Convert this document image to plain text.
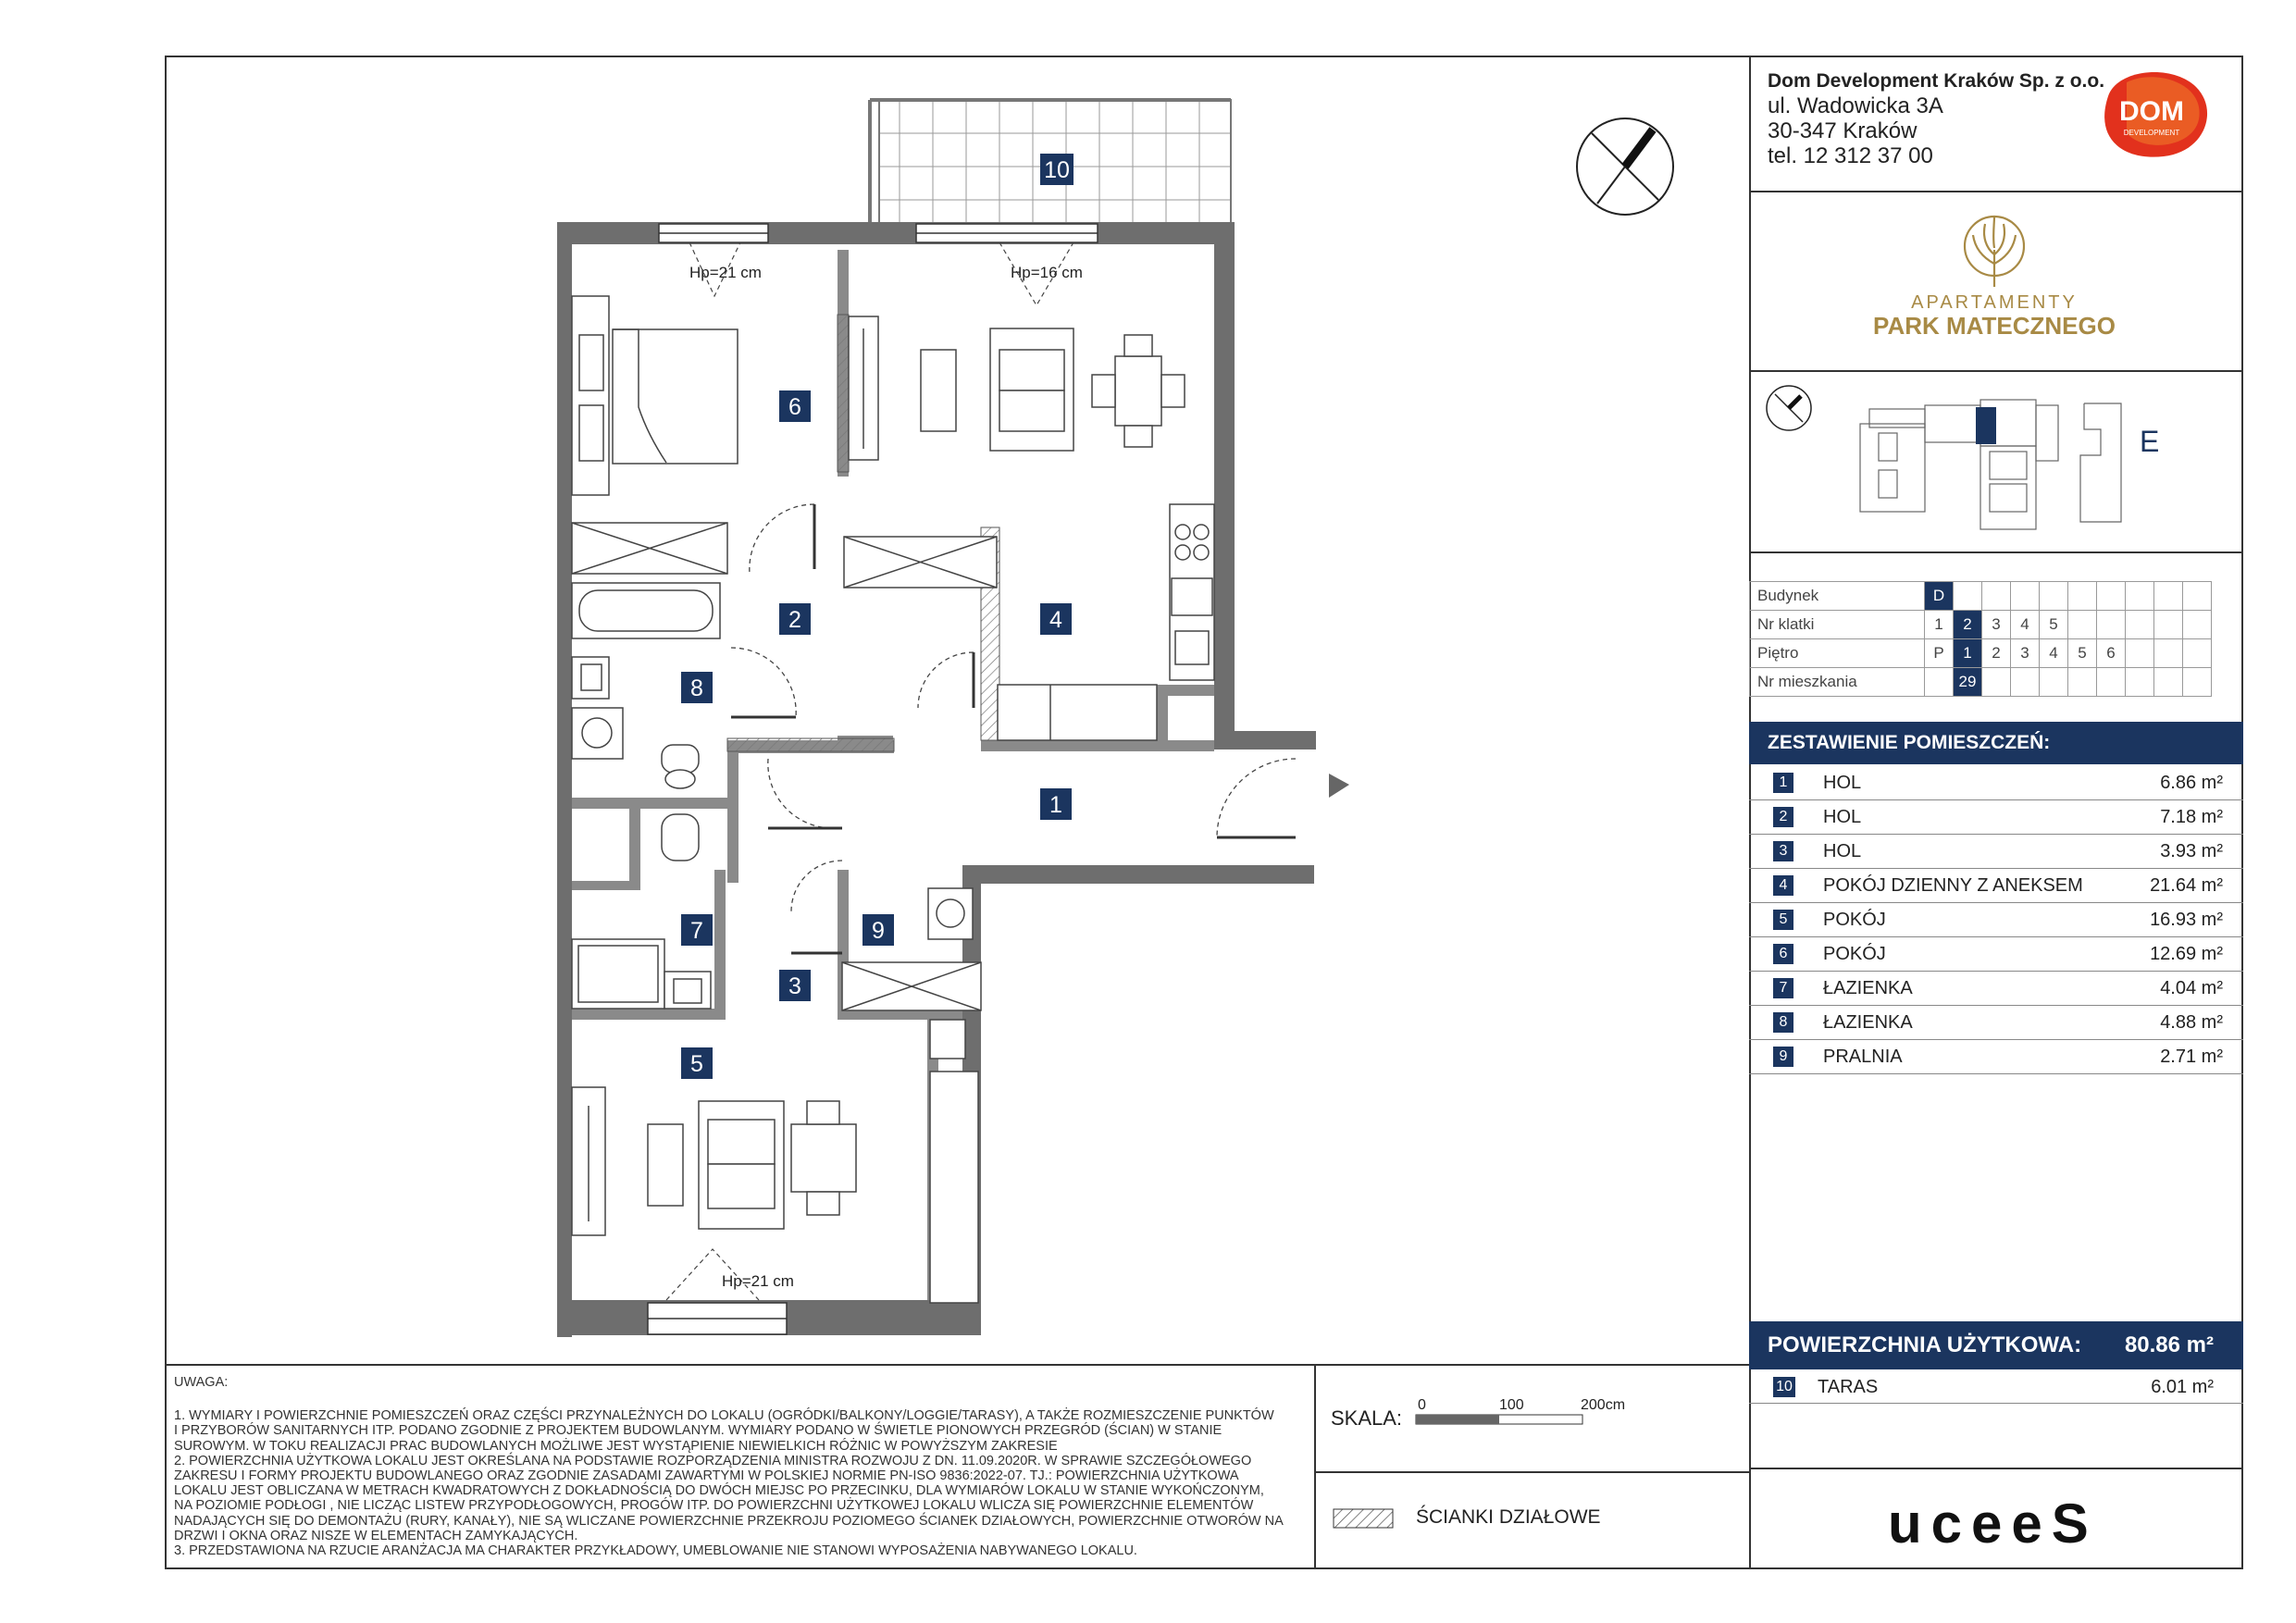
Dom Development Kraków Sp. z o.o.
ul. Wadowicka 3A
30-347 Kraków
tel. 12 312 37 00
DOM
DEVELOPMENT
APARTAMENTY
PARK MATECZNEGO
E
Budynek	D									
Nr klatki	1	2	3	4	5					
Piętro	P	1	2	3	4	5	6			
Nr mieszkania		29								
ZESTAWIENIE POMIESZCZEŃ:
1	HOL	6.86 m²
2	HOL	7.18 m²
3	HOL	3.93 m²
4	POKÓJ DZIENNY Z ANEKSEM	21.64 m²
5	POKÓJ	16.93 m²
6	POKÓJ	12.69 m²
7	ŁAZIENKA	4.04 m²
8	ŁAZIENKA	4.88 m²
9	PRALNIA	2.71 m²
POWIERZCHNIA UŻYTKOWA: 80.86 m²
10 TARAS	6.01 m²
uceeS
UWAGA:
1. WYMIARY I POWIERZCHNIE POMIESZCZEŃ ORAZ CZĘŚCI PRZYNALEŻNYCH DO LOKALU (OGRÓDKI/BALKONY/LOGGIE/TARASY), A TAKŻE ROZMIESZCZENIE PUNKTÓW
I PRZYBORÓW SANITARNYCH ITP. PODANO ZGODNIE Z PROJEKTEM BUDOWLANYM. WYMIARY PODANO W ŚWIETLE PIONOWYCH PRZEGRÓD (ŚCIAN) W STANIE
SUROWYM. W TOKU REALIZACJI PRAC BUDOWLANYCH MOŻLIWE JEST WYSTĄPIENIE NIEWIELKICH RÓŻNIC W POWYŻSZYM ZAKRESIE
2. POWIERZCHNIA UŻYTKOWA LOKALU JEST OKREŚLANA NA PODSTAWIE ROZPORZĄDZENIA MINISTRA ROZWOJU Z DN. 11.09.2020R. W SPRAWIE SZCZEGÓŁOWEGO
ZAKRESU I FORMY PROJEKTU BUDOWLANEGO ORAZ ZGODNIE ZASADAMI ZAWARTYMI W POLSKIEJ NORMIE PN-ISO 9836:2022-07. TJ.: POWIERZCHNIA UŻYTKOWA
LOKALU JEST OBLICZANA W METRACH KWADRATOWYCH Z DOKŁADNOŚCIĄ DO DWÓCH MIEJSC PO PRZECINKU, DLA WYMIARÓW LOKALU W STANIE WYKOŃCZONYM,
NA POZIOMIE PODŁOGI , NIE LICZĄC LISTEW PRZYPODŁOGOWYCH, PROGÓW ITP. DO POWIERZCHNI UŻYTKOWEJ LOKALU WLICZA SIĘ POWIERZCHNIE ELEMENTÓW
NADAJĄCYCH SIĘ DO DEMONTAŻU (RURY, KANAŁY), NIE SĄ WLICZANE POWIERZCHNIE PRZEKROJU POZIOMEGO ŚCIANEK DZIAŁOWYCH, POWIERZCHNIE OTWORÓW NA
DRZWI I OKNA ORAZ NISZE W ELEMENTACH ZAMYKAJĄCYCH.
3. PRZEDSTAWIONA NA RZUCIE ARANŻACJA MA CHARAKTER PRZYKŁADOWY, UMEBLOWANIE NIE STANOWI WYPOSAŻENIA NABYWANEGO LOKALU.
SKALA:
0	100	200cm
ŚCIANKI DZIAŁOWE
10
6
2	4
8
1
7	9
3
5
Hp=21 cm	Hp=16 cm
Hp=21 cm
